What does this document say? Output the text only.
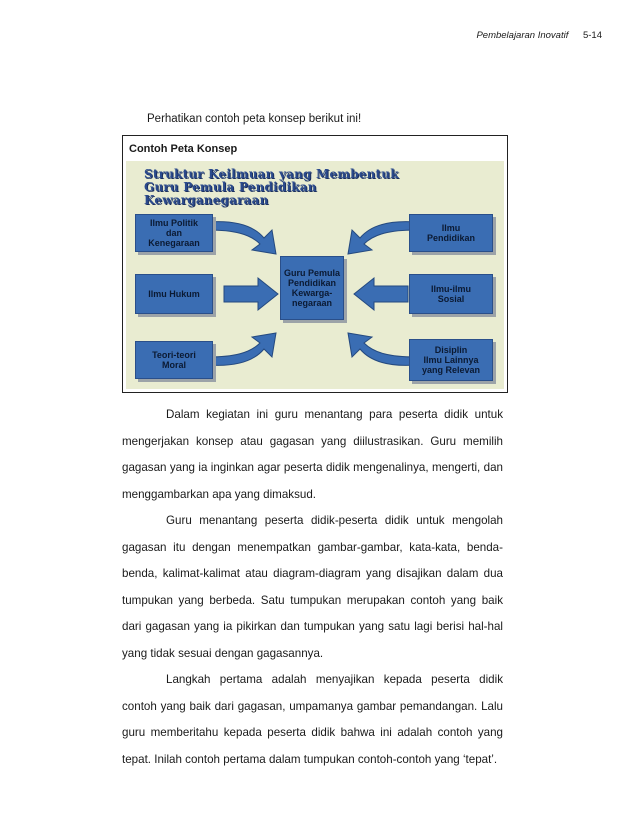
Pembelajaran Inovatif 5-14
Perhatikan contoh peta konsep berikut ini!
Contoh Peta Konsep
Struktur Keilmuan yang Membentuk
Guru Pemula Pendidikan
Kewarganegaraan
Ilmu Politik
dan
Kenegaraan
Ilmu Hukum
Teori-teori
Moral
Guru Pemula
Pendidikan
Kewarga-
negaraan
Ilmu
Pendidikan
Ilmu-ilmu
Sosial
Disiplin
Ilmu Lainnya
yang Relevan

Dalam kegiatan ini guru menantang para peserta didik untuk mengerjakan konsep atau gagasan yang diilustrasikan. Guru memilih gagasan yang ia inginkan agar peserta didik mengenalinya, mengerti, dan menggambarkan apa yang dimaksud.

Guru menantang peserta didik-peserta didik untuk mengolah gagasan itu dengan menempatkan gambar-gambar, kata-kata, benda-benda, kalimat-kalimat atau diagram-diagram yang disajikan dalam dua tumpukan yang berbeda. Satu tumpukan merupakan contoh yang baik dari gagasan yang ia pikirkan dan tumpukan yang satu lagi berisi hal-hal yang tidak sesuai dengan gagasannya.

Langkah pertama adalah menyajikan kepada peserta didik contoh yang baik dari gagasan, umpamanya gambar pemandangan. Lalu guru memberitahu kepada peserta didik bahwa ini adalah contoh yang tepat. Inilah contoh pertama dalam tumpukan contoh-contoh yang ‘tepat’.
